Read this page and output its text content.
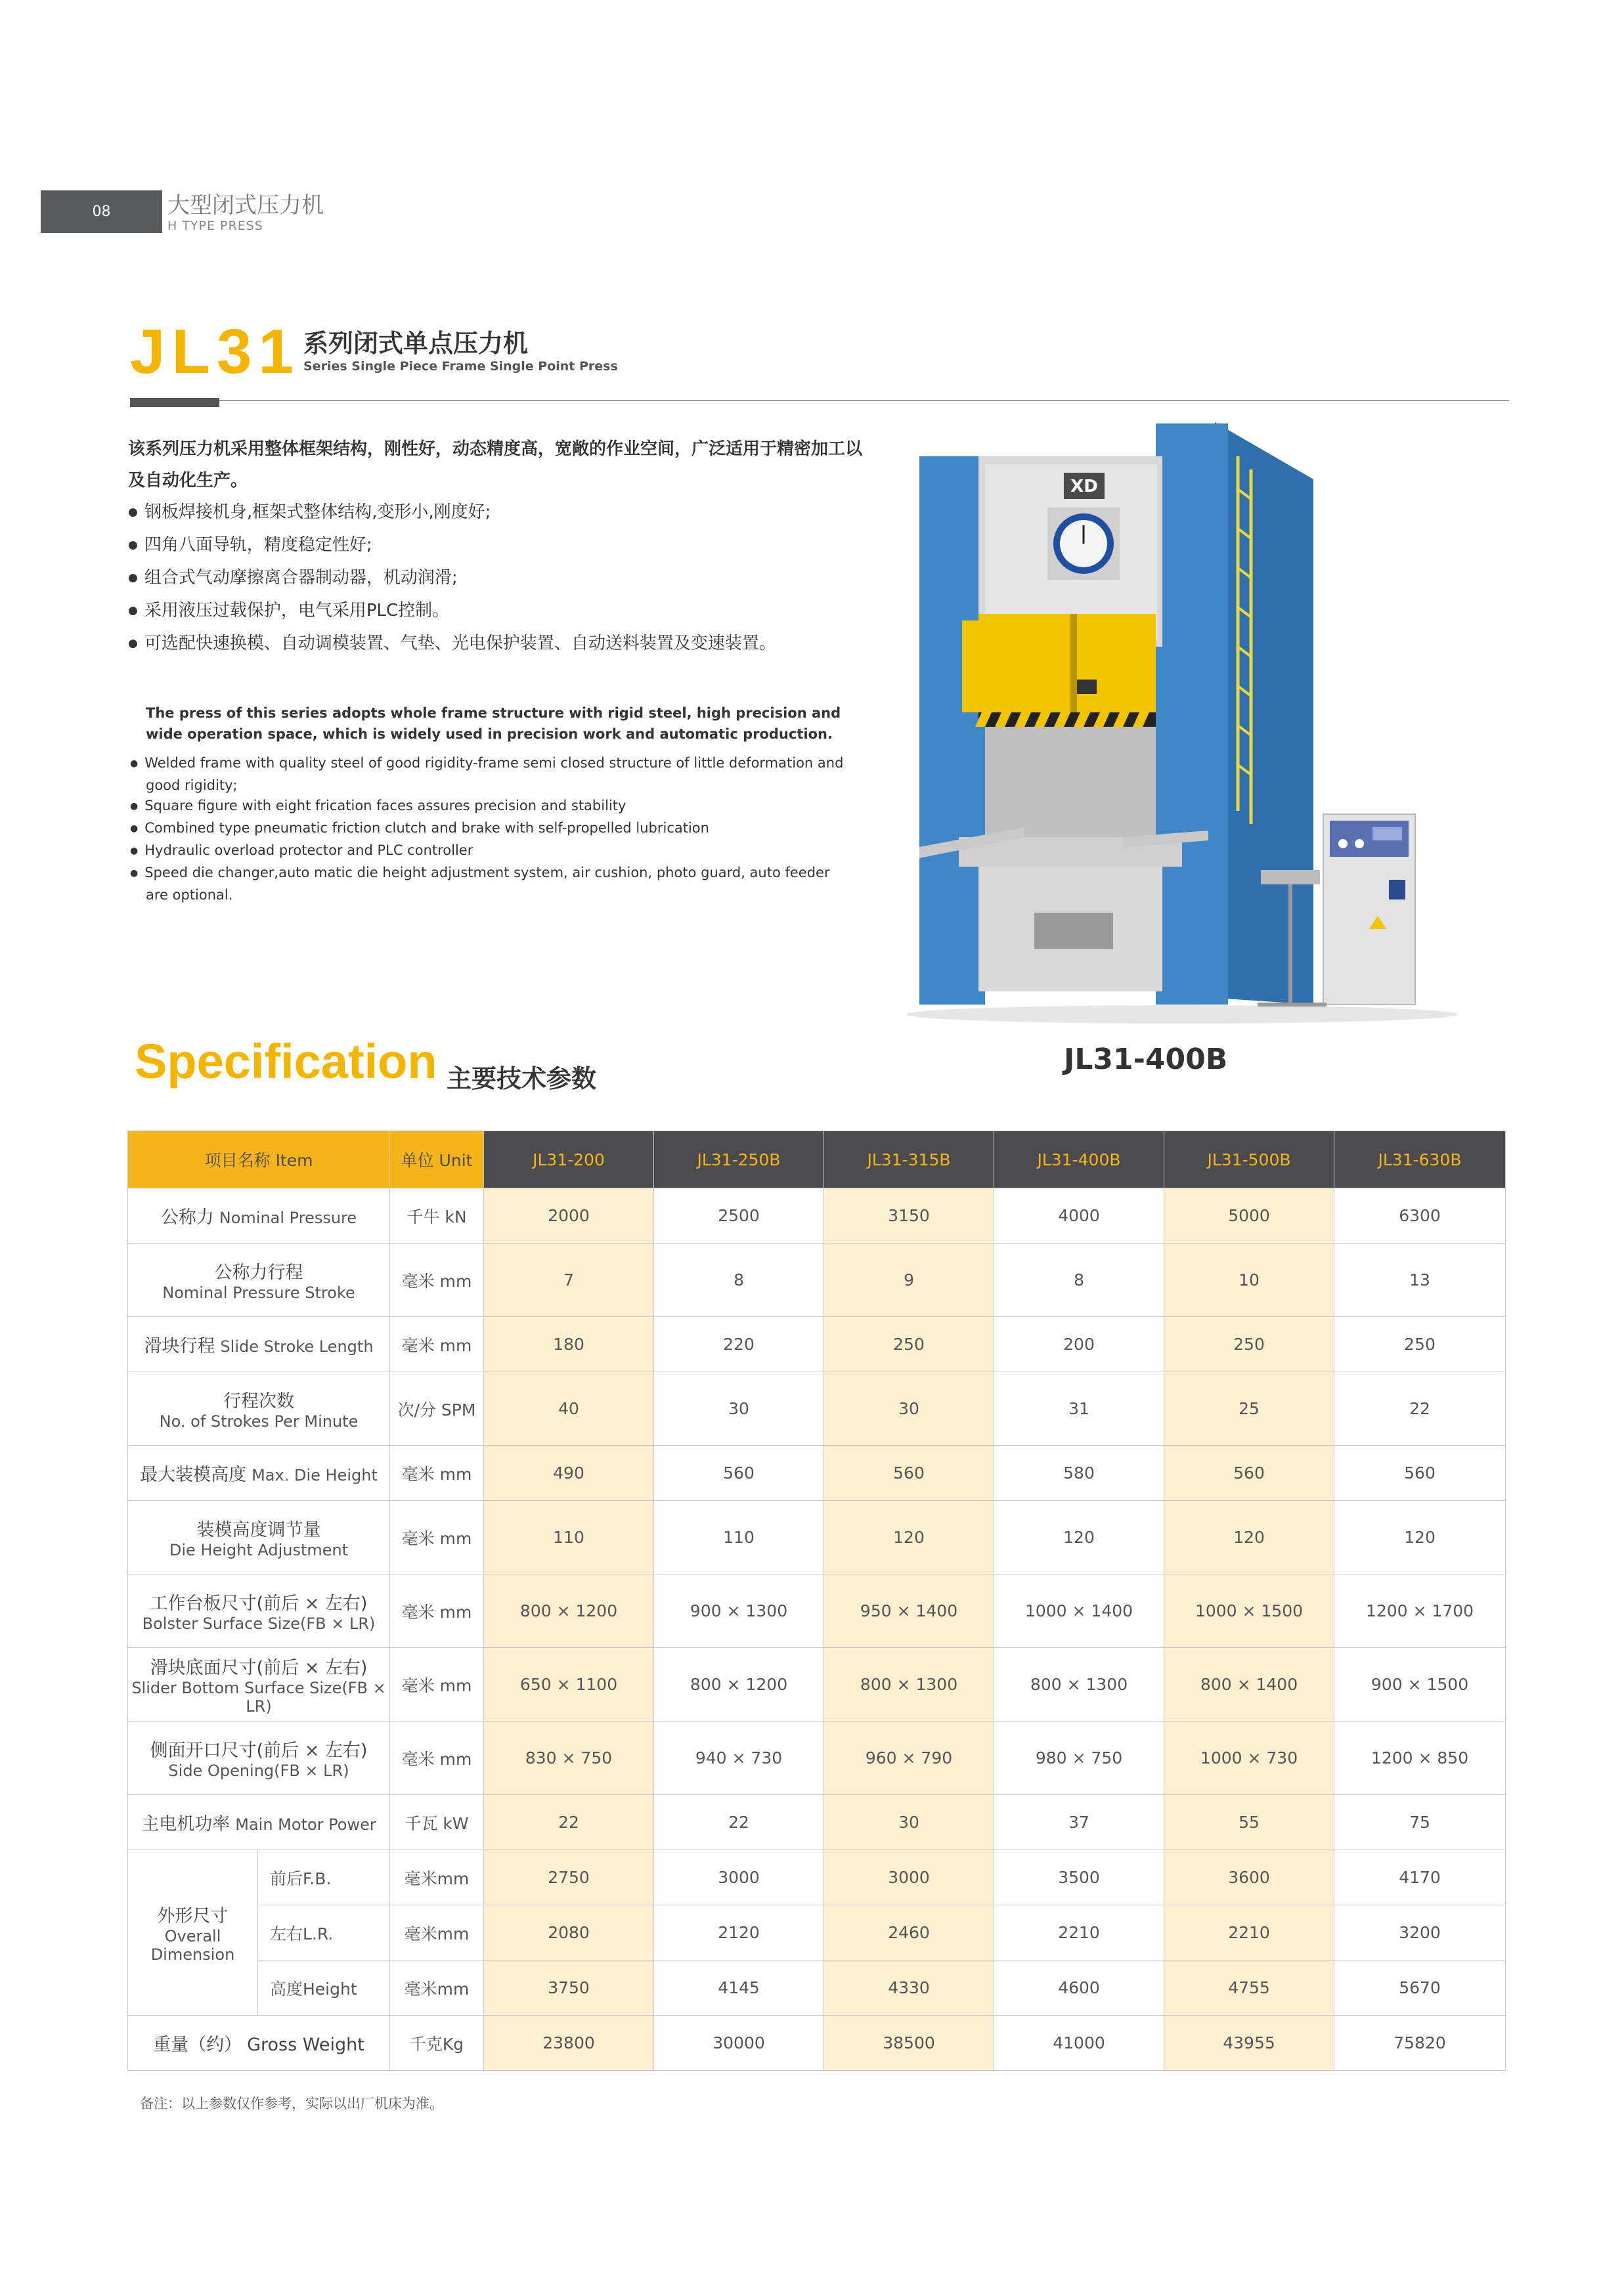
08	大型闭式压力机
H TYPE PRESS
JL31 系列闭式单点压力机
Series Single Piece Frame Single Point Press
该系列压力机采用整体框架结构，刚性好，动态精度高，宽敞的作业空间，广泛适用于精密加工以及自动化生产。
● 钢板焊接机身,框架式整体结构,变形小,刚度好;
● 四角八面导轨，精度稳定性好;
● 组合式气动摩擦离合器制动器，机动润滑;
● 采用液压过载保护，电气采用PLC控制。
● 可选配快速换模、自动调模装置、气垫、光电保护装置、自动送料装置及变速装置。
The press of this series adopts whole frame structure with rigid steel, high precision and wide operation space, which is widely used in precision work and automatic production.
● Welded frame with quality steel of good rigidity-frame semi closed structure of little deformation and good rigidity;
● Square figure with eight frication faces assures precision and stability
● Combined type pneumatic friction clutch and brake with self-propelled lubrication
● Hydraulic overload protector and PLC controller
● Speed die changer,auto matic die height adjustment system, air cushion, photo guard, auto feeder are optional.
XD
JL31-400B
Specification 主要技术参数
项目名称 Item		单位 Unit	JL31-200	JL31-250B	JL31-315B	JL31-400B	JL31-500B	JL31-630B
公称力 Nominal Pressure		千牛 kN	2000	2500	3150	4000	5000	6300

公称力行程
Nominal Pressure Stroke		毫米 mm	7	8	9	8	10	13
滑块行程 Slide Stroke Length		毫米 mm	180	220	250	200	250	250

行程次数
No. of Strokes Per Minute		次/分 SPM	40	30	30	31	25	22
最大装模高度 Max. Die Height		毫米 mm	490	560	560	580	560	560

装模高度调节量
Die Height Adjustment		毫米 mm	110	110	120	120	120	120

工作台板尺寸(前后 × 左右)
Bolster Surface Size(FB × LR)		毫米 mm	800 × 1200	900 × 1300	950 × 1400	1000 × 1400	1000 × 1500	1200 × 1700

滑块底面尺寸(前后 × 左右)
Slider Bottom Surface Size(FB × LR)		毫米 mm	650 × 1100	800 × 1200	800 × 1300	800 × 1300	800 × 1400	900 × 1500

侧面开口尺寸(前后 × 左右)
Side Opening(FB × LR)		毫米 mm	830 × 750	940 × 730	960 × 790	980 × 750	1000 × 730	1200 × 850
主电机功率 Main Motor Power		千瓦 kW	22	22	30	37	55	75

外形尺寸
Overall
Dimension	前后F.B.	毫米mm	2750	3000	3000	3500	3600	4170
	左右L.R.	毫米mm	2080	2120	2460	2210	2210	3200
	高度Height	毫米mm	3750	4145	4330	4600	4755	5670
重量（约） Gross Weight		千克Kg	23800	30000	38500	41000	43955	75820
备注：以上参数仅作参考，实际以出厂机床为准。
